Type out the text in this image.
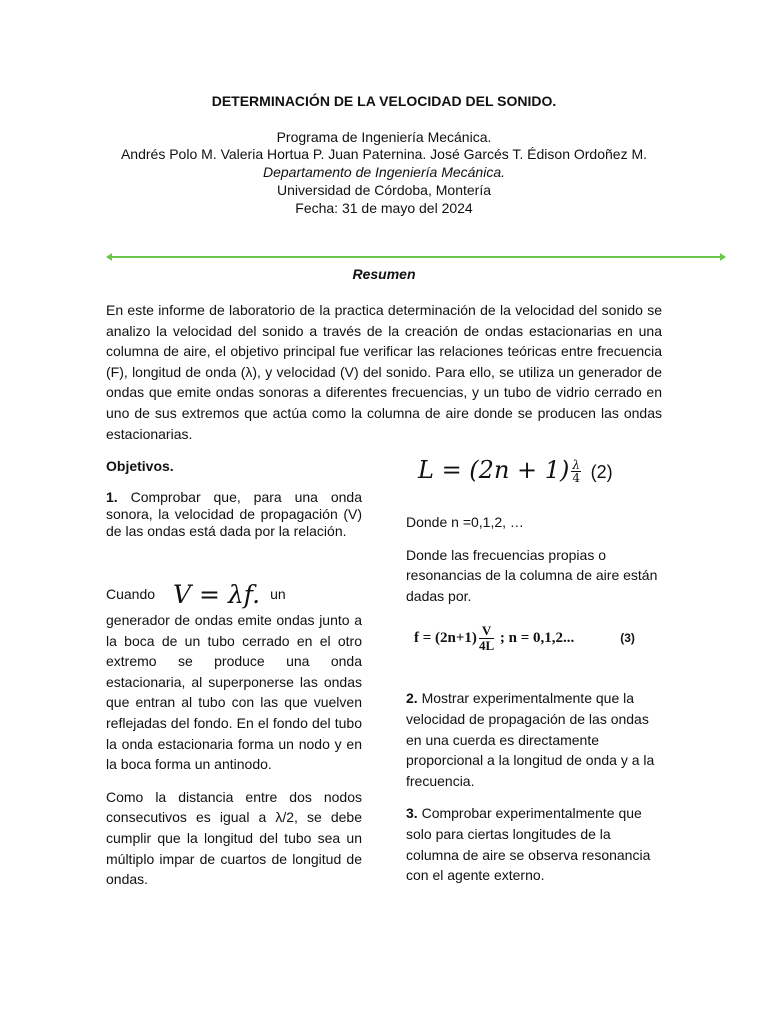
DETERMINACIÓN DE LA VELOCIDAD DEL SONIDO.

Programa de Ingeniería Mecánica.
Andrés Polo M. Valeria Hortua P. Juan Paternina. José Garcés T. Édison Ordoñez M.
Departamento de Ingeniería Mecánica.
Universidad de Córdoba, Montería
Fecha: 31 de mayo del 2024
Resumen

En este informe de laboratorio de la practica determinación de la velocidad del sonido se analizo la velocidad del sonido a través de la creación de ondas estacionarias en una columna de aire, el objetivo principal fue verificar las relaciones teóricas entre frecuencia (F), longitud de onda (λ), y velocidad (V) del sonido. Para ello, se utiliza un generador de ondas que emite ondas sonoras a diferentes frecuencias, y un tubo de vidrio cerrado en uno de sus extremos que actúa como la columna de aire donde se producen las ondas estacionarias.

Objetivos.

1. Comprobar que, para una onda sonora, la velocidad de propagación (V) de las ondas está dada por la relación.

Cuando V = λf. un

generador de ondas emite ondas junto a la boca de un tubo cerrado en el otro extremo se produce una onda estacionaria, al superponerse las ondas que entran al tubo con las que vuelven reflejadas del fondo. En el fondo del tubo la onda estacionaria forma un nodo y en la boca forma un antinodo.

Como la distancia entre dos nodos consecutivos es igual a λ/2, se debe cumplir que la longitud del tubo sea un múltiplo impar de cuartos de longitud de ondas.

$L = (2n + 1) \frac{\lambda}{4} (2)$

Donde n =0,1,2, …

Donde las frecuencias propias o resonancias de la columna de aire están dadas por.

$f = (2n+1) \frac{V}{4L}$ ; n = 0,1,2...	(3)

2. Mostrar experimentalmente que la velocidad de propagación de las ondas en una cuerda es directamente proporcional a la longitud de onda y a la frecuencia.

3. Comprobar experimentalmente que solo para ciertas longitudes de la columna de aire se observa resonancia con el agente externo.
